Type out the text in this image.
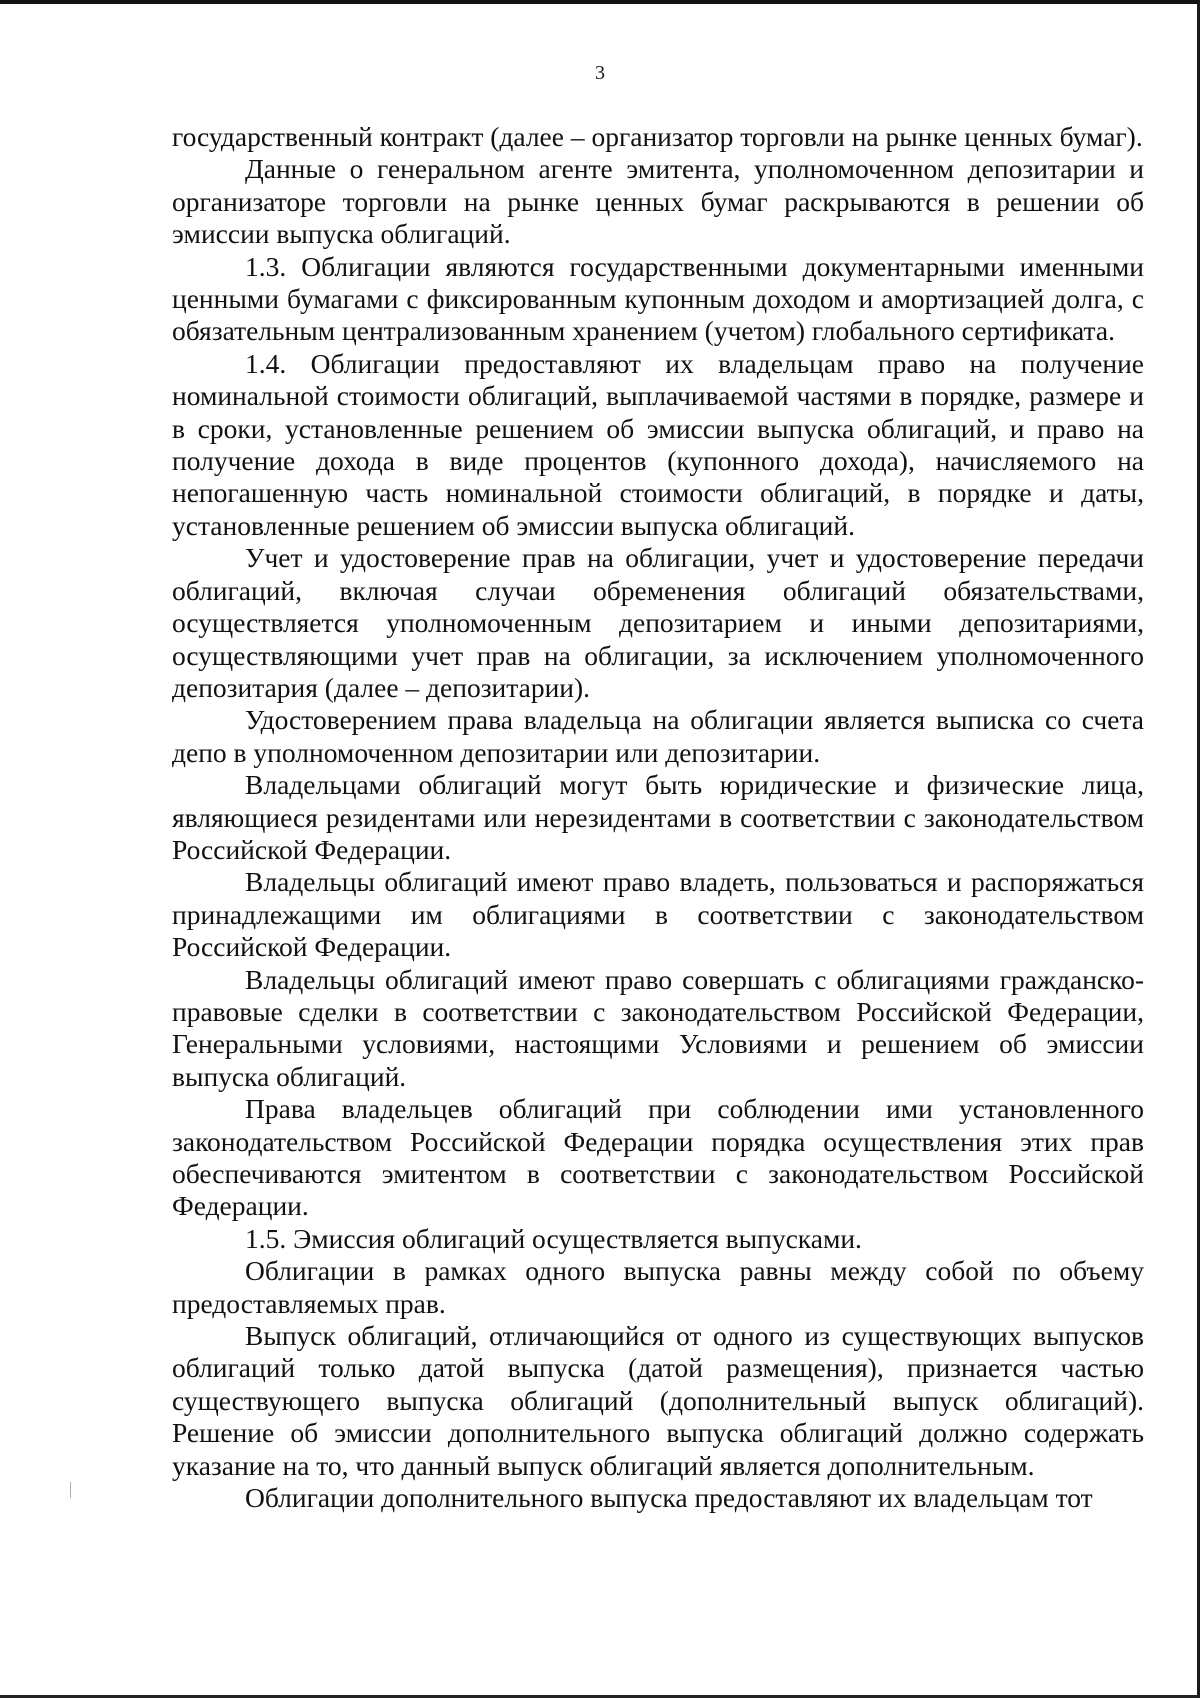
3

государственный контракт (далее – организатор торговли на рынке ценных бумаг).

Данные о генеральном агенте эмитента, уполномоченном депозитарии и организаторе торговли на рынке ценных бумаг раскрываются в решении об эмиссии выпуска облигаций.

1.3. Облигации являются государственными документарными именными ценными бумагами с фиксированным купонным доходом и амортизацией долга, с обязательным централизованным хранением (учетом) глобального сертификата.

1.4. Облигации предоставляют их владельцам право на получение номинальной стоимости облигаций, выплачиваемой частями в порядке, размере и в сроки, установленные решением об эмиссии выпуска облигаций, и право на получение дохода в виде процентов (купонного дохода), начисляемого на непогашенную часть номинальной стоимости облигаций, в порядке и даты, установленные решением об эмиссии выпуска облигаций.

Учет и удостоверение прав на облигации, учет и удостоверение передачи облигаций, включая случаи обременения облигаций обязательствами, осуществляется уполномоченным депозитарием и иными депозитариями, осуществляющими учет прав на облигации, за исключением уполномоченного депозитария (далее – депозитарии).

Удостоверением права владельца на облигации является выписка со счета депо в уполномоченном депозитарии или депозитарии.

Владельцами облигаций могут быть юридические и физические лица, являющиеся резидентами или нерезидентами в соответствии с законодательством Российской Федерации.

Владельцы облигаций имеют право владеть, пользоваться и распоряжаться принадлежащими им облигациями в соответствии с законодательством Российской Федерации.

Владельцы облигаций имеют право совершать с облигациями гражданско-правовые сделки в соответствии с законодательством Российской Федерации, Генеральными условиями, настоящими Условиями и решением об эмиссии выпуска облигаций.

Права владельцев облигаций при соблюдении ими установленного законодательством Российской Федерации порядка осуществления этих прав обеспечиваются эмитентом в соответствии с законодательством Российской Федерации.

1.5. Эмиссия облигаций осуществляется выпусками.

Облигации в рамках одного выпуска равны между собой по объему предоставляемых прав.

Выпуск облигаций, отличающийся от одного из существующих выпусков облигаций только датой выпуска (датой размещения), признается частью существующего выпуска облигаций (дополнительный выпуск облигаций). Решение об эмиссии дополнительного выпуска облигаций должно содержать указание на то, что данный выпуск облигаций является дополнительным.

Облигации дополнительного выпуска предоставляют их владельцам тот
